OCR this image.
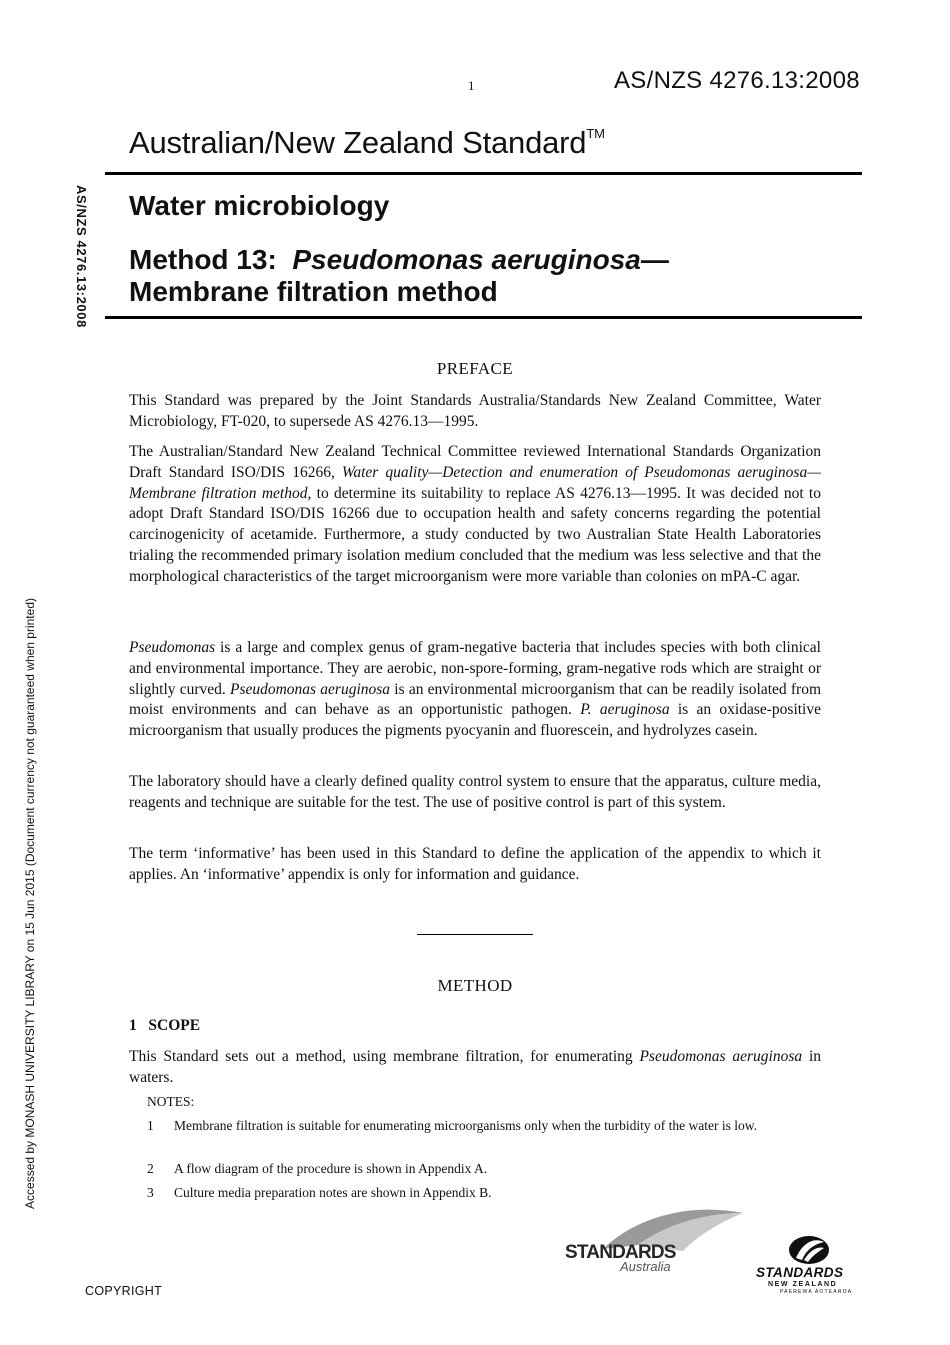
1	AS/NZS 4276.13:2008
Australian/New Zealand Standard™
Water microbiology
Method 13:  Pseudomonas aeruginosa—
Membrane filtration method
AS/NZS 4276.13:2008
Accessed by MONASH UNIVERSITY LIBRARY on 15 Jun 2015 (Document currency not guaranteed when printed)
PREFACE

This Standard was prepared by the Joint Standards Australia/Standards New Zealand Committee, Water Microbiology, FT-020, to supersede AS 4276.13—1995.

The Australian/Standard New Zealand Technical Committee reviewed International Standards Organization Draft Standard ISO/DIS 16266, Water quality—Detection and enumeration of Pseudomonas aeruginosa—Membrane filtration method, to determine its suitability to replace AS 4276.13—1995. It was decided not to adopt Draft Standard ISO/DIS 16266 due to occupation health and safety concerns regarding the potential carcinogenicity of acetamide. Furthermore, a study conducted by two Australian State Health Laboratories trialing the recommended primary isolation medium concluded that the medium was less selective and that the morphological characteristics of the target microorganism were more variable than colonies on mPA-C agar.

Pseudomonas is a large and complex genus of gram-negative bacteria that includes species with both clinical and environmental importance. They are aerobic, non-spore-forming, gram-negative rods which are straight or slightly curved. Pseudomonas aeruginosa is an environmental microorganism that can be readily isolated from moist environments and can behave as an opportunistic pathogen. P. aeruginosa is an oxidase-positive microorganism that usually produces the pigments pyocyanin and fluorescein, and hydrolyzes casein.

The laboratory should have a clearly defined quality control system to ensure that the apparatus, culture media, reagents and technique are suitable for the test. The use of positive control is part of this system.

The term ‘informative’ has been used in this Standard to define the application of the appendix to which it applies. An ‘informative’ appendix is only for information and guidance.

METHOD
1   SCOPE

This Standard sets out a method, using membrane filtration, for enumerating Pseudomonas aeruginosa in waters.

NOTES:
1	Membrane filtration is suitable for enumerating microorganisms only when the turbidity of the water is low.
2	A flow diagram of the procedure is shown in Appendix A.
3	Culture media preparation notes are shown in Appendix B.
COPYRIGHT
STANDARDS
Australia	STANDARDS
NEW ZEALAND
PAEREWA AOTEAROA
